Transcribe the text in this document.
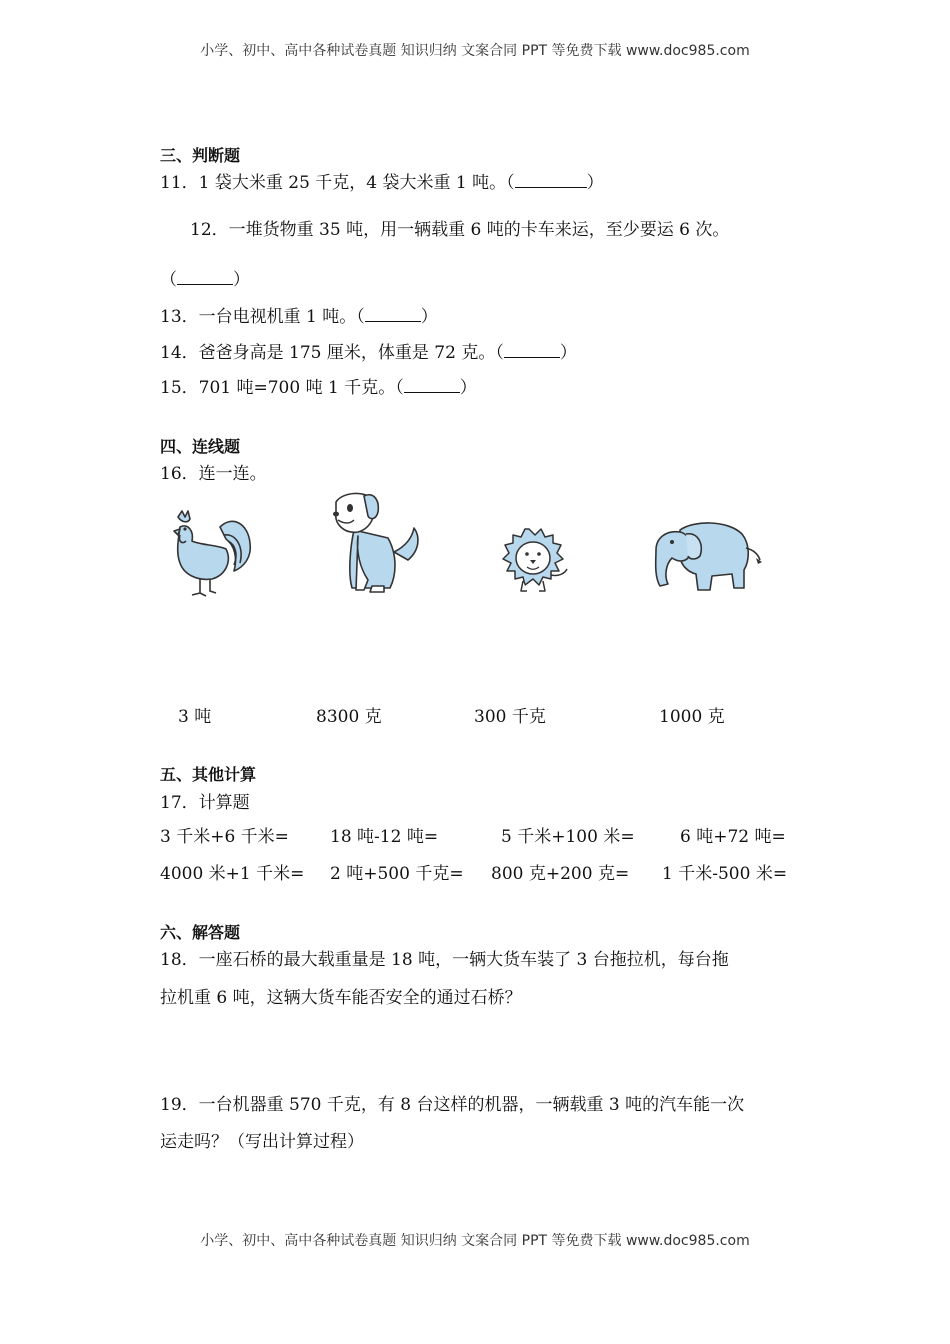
小学、初中、高中各种试卷真题 知识归纳 文案合同 PPT 等免费下载 www.doc985.com
三、判断题
11．1 袋大米重 25 千克，4 袋大米重 1 吨。（	）
12．一堆货物重 35 吨，用一辆载重 6 吨的卡车来运，至少要运 6 次。
（	）
13．一台电视机重 1 吨。（	）
14．爸爸身高是 175 厘米，体重是 72 克。（	）
15．701 吨=700 吨 1 千克。（	）
四、连线题
16．连一连。
3 吨	8300 克	300 千克	1000 克
五、其他计算
17．计算题
3 千米+6 千米= 18 吨-12 吨=	5 千米+100 米=	6 吨+72 吨=
4000 米+1 千米= 2 吨+500 千克= 800 克+200 克= 1 千米-500 米=
六、解答题
18．一座石桥的最大载重量是 18 吨，一辆大货车装了 3 台拖拉机，每台拖
拉机重 6 吨，这辆大货车能否安全的通过石桥？
19．一台机器重 570 千克，有 8 台这样的机器，一辆载重 3 吨的汽车能一次
运走吗？（写出计算过程）
小学、初中、高中各种试卷真题 知识归纳 文案合同 PPT 等免费下载 www.doc985.com
